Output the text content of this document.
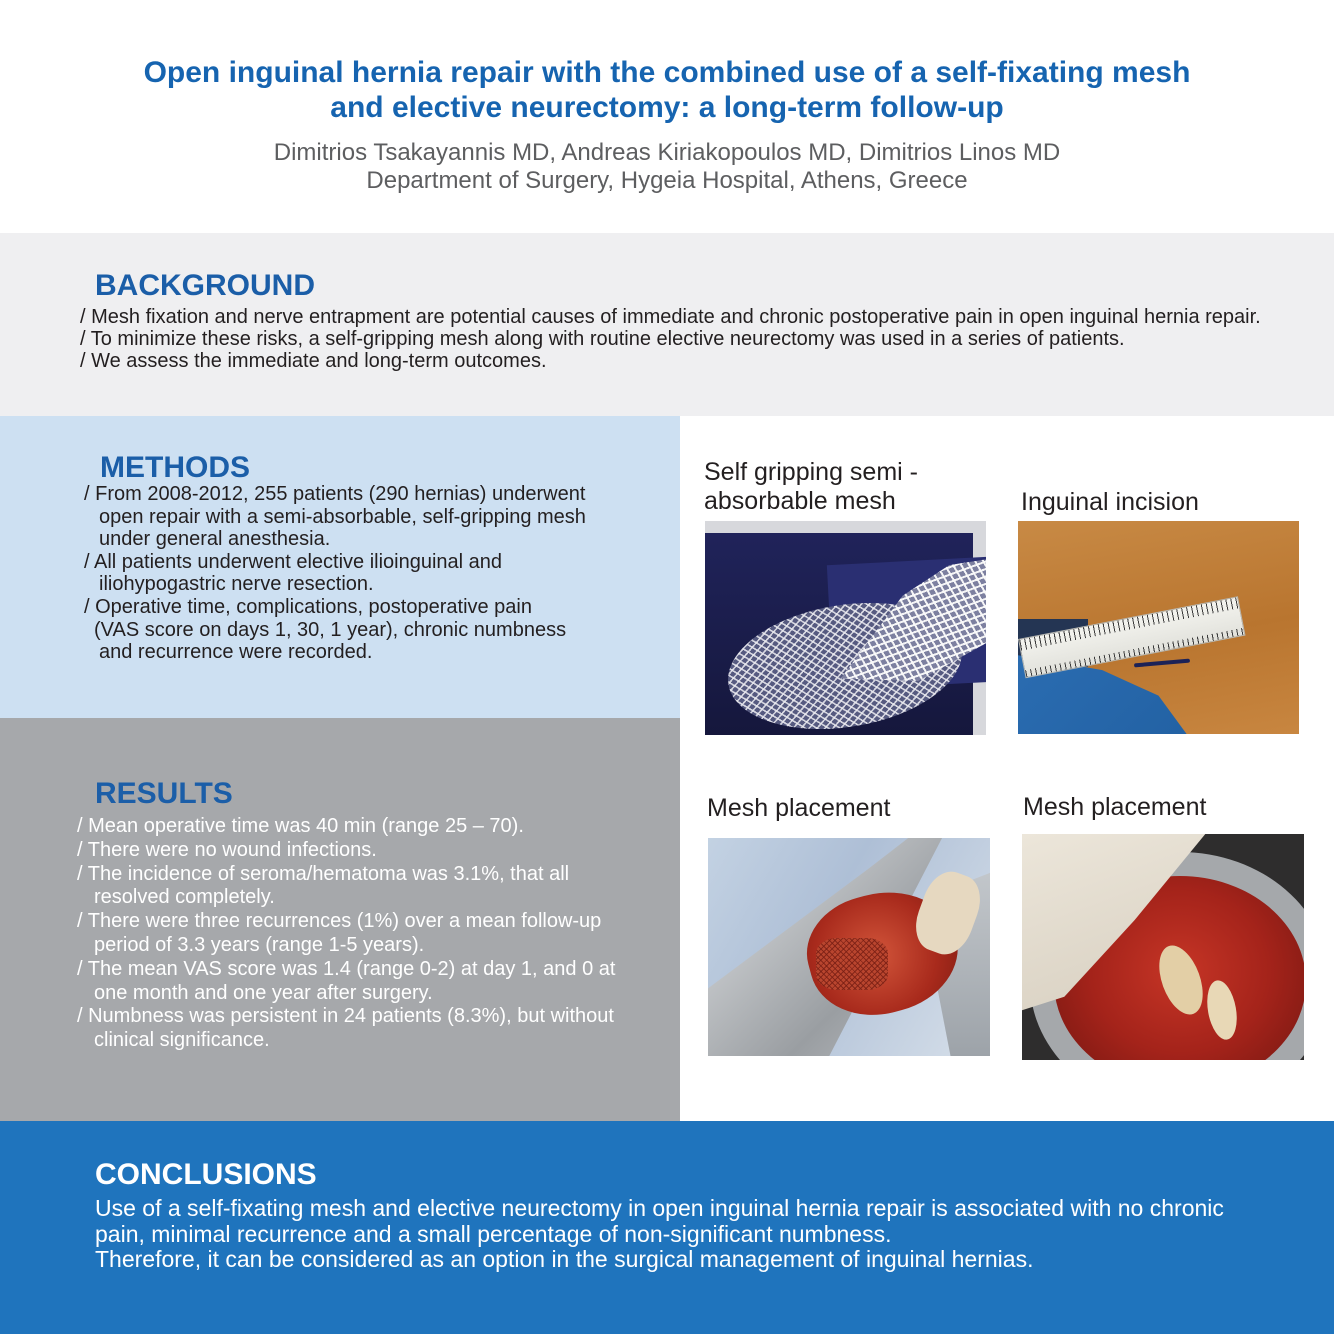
Open inguinal hernia repair with the combined use of a self-fixating mesh
and elective neurectomy: a long-term follow-up
Dimitrios Tsakayannis MD, Andreas Kiriakopoulos MD, Dimitrios Linos MD
Department of Surgery, Hygeia Hospital, Athens, Greece
BACKGROUND
/ Mesh fixation and nerve entrapment are potential causes of immediate and chronic postoperative pain in open inguinal hernia repair.
/ To minimize these risks, a self-gripping mesh along with routine elective neurectomy was used in a series of patients.
/ We assess the immediate and long-term outcomes.
METHODS
/ From 2008-2012, 255 patients (290 hernias) underwent
open repair with a semi-absorbable, self-gripping mesh
under general anesthesia.
/ All patients underwent elective ilioinguinal and
iliohypogastric nerve resection.
/ Operative time, complications, postoperative pain
(VAS score on days 1, 30, 1 year), chronic numbness
and recurrence were recorded.
RESULTS
/ Mean operative time was 40 min (range 25 – 70).
/ There were no wound infections.
/ The incidence of seroma/hematoma was 3.1%, that all
resolved completely.
/ There were three recurrences (1%) over a mean follow-up
period of 3.3 years (range 1-5 years).
/ The mean VAS score was 1.4 (range 0-2) at day 1, and 0 at
one month and one year after surgery.
/ Numbness was persistent in 24 patients (8.3%), but without
clinical significance.
Self gripping semi -
absorbable mesh	Inguinal incision
Mesh placement	Mesh placement
CONCLUSIONS
Use of a self-fixating mesh and elective neurectomy in open inguinal hernia repair is associated with no chronic
pain, minimal recurrence and a small percentage of non-significant numbness.
Therefore, it can be considered as an option in the surgical management of inguinal hernias.
